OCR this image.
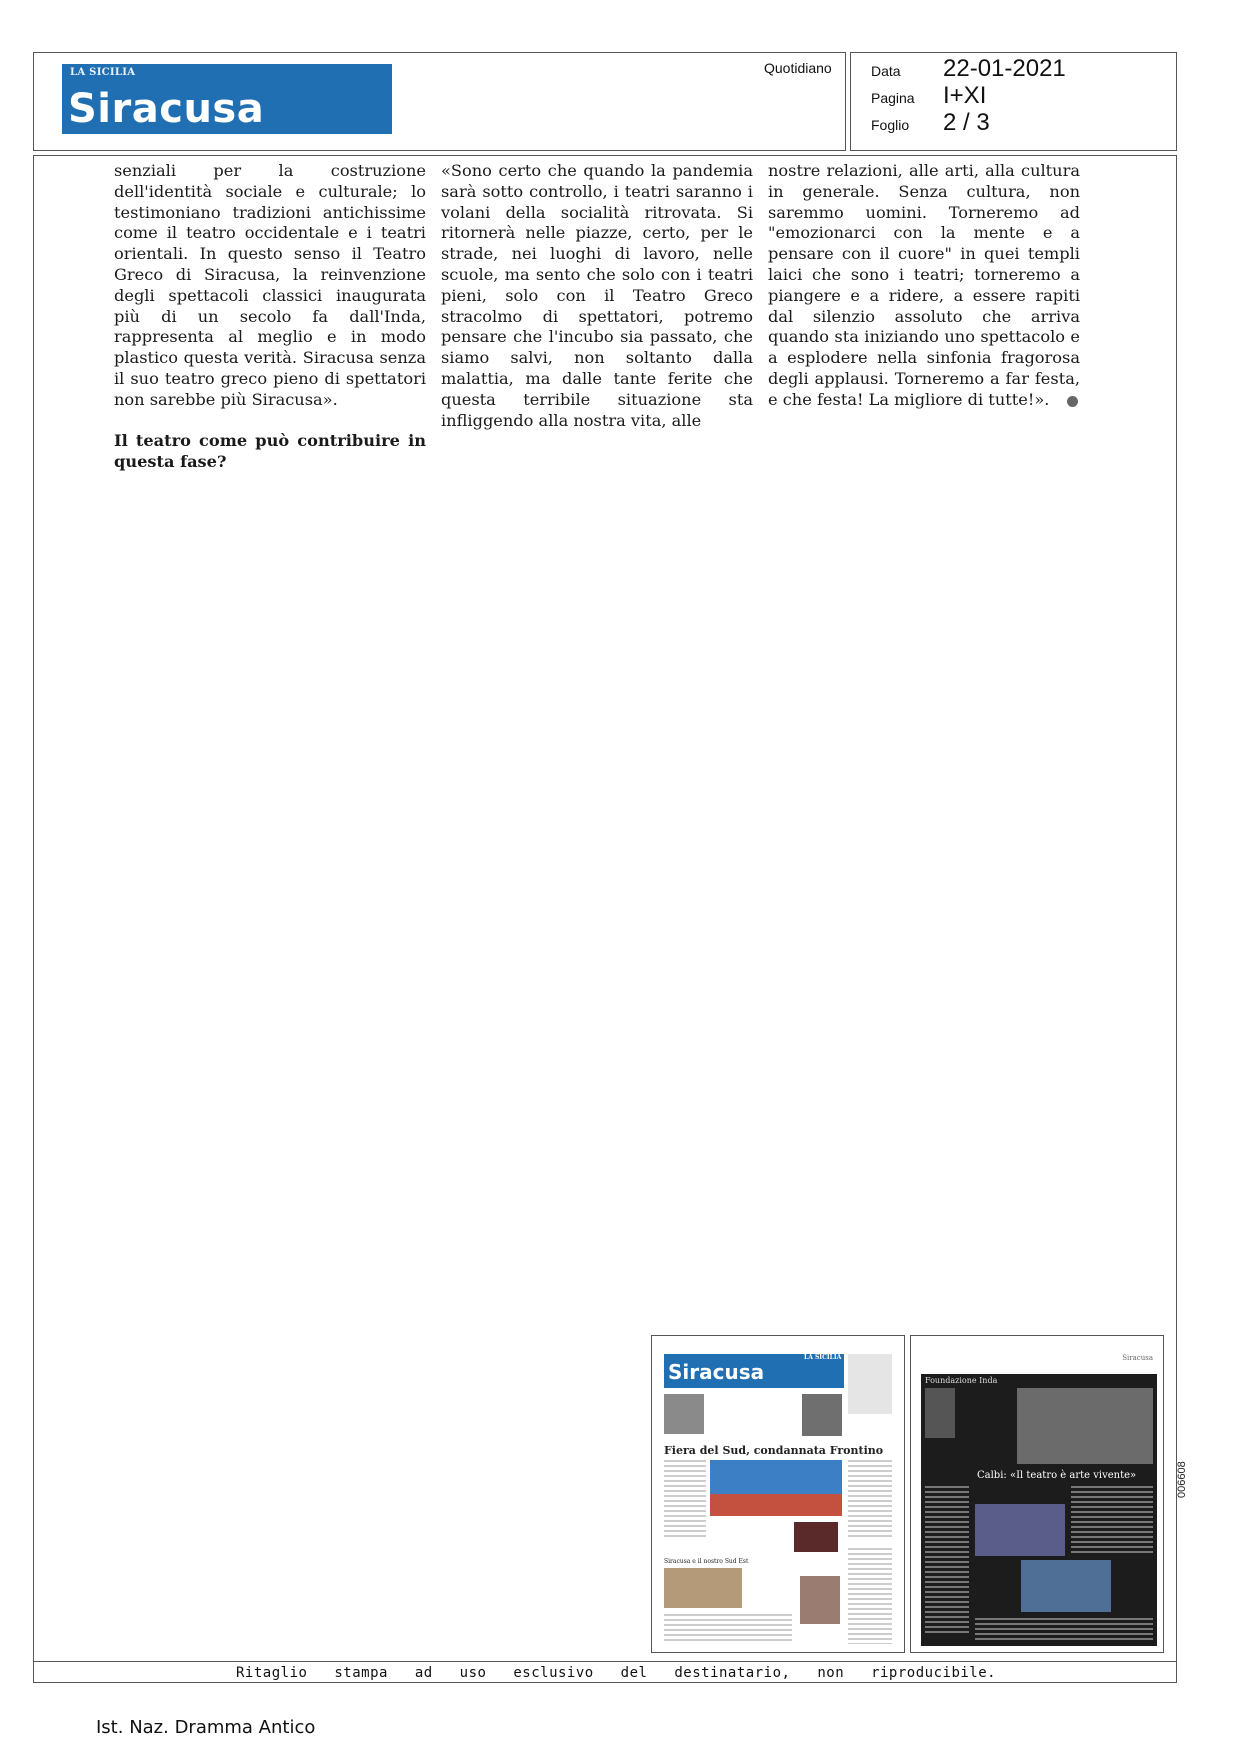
LA SICILIA
Siracusa
Quotidiano	Data 22-01-2021
Pagina I+XI
Foglio 2 / 3

senziali per la costruzione dell'identità sociale e culturale; lo testimoniano tradizioni antichissime come il teatro occidentale e i teatri orientali. In questo senso il Teatro Greco di Siracusa, la reinvenzione degli spettacoli classici inaugurata più di un secolo fa dall'Inda, rappresenta al meglio e in modo plastico questa verità. Siracusa senza il suo teatro greco pieno di spettatori non sarebbe più Siracusa».

Il teatro come può contribuire in questa fase?

«Sono certo che quando la pandemia sarà sotto controllo, i teatri saranno i volani della socialità ritrovata. Si ritornerà nelle piazze, certo, per le strade, nei luoghi di lavoro, nelle scuole, ma sento che solo con i teatri pieni, solo con il Teatro Greco stracolmo di spettatori, potremo pensare che l'incubo sia passato, che siamo salvi, non soltanto dalla malattia, ma dalle tante ferite che questa terribile situazione sta infliggendo alla nostra vita, alle

nostre relazioni, alle arti, alla cultura in generale. Senza cultura, non saremmo uomini. Torneremo ad "emozionarci con la mente e a pensare con il cuore" in quei templi laici che sono i teatri; torneremo a piangere e a ridere, a essere rapiti dal silenzio assoluto che arriva quando sta iniziando uno spettacolo e a esplodere nella sinfonia fragorosa degli applausi. Torneremo a far festa, e che festa! La migliore di tutte!».

Siracusa
LA SICILIA
Fiera del Sud, condannata Frontino
Siracusa e il nostro Sud Est
Siracusa
Foundazione Inda
Calbi: «Il teatro è arte vivente»	006608
Ritaglio stampa ad uso esclusivo del destinatario, non riproducibile.
Ist. Naz. Dramma Antico
